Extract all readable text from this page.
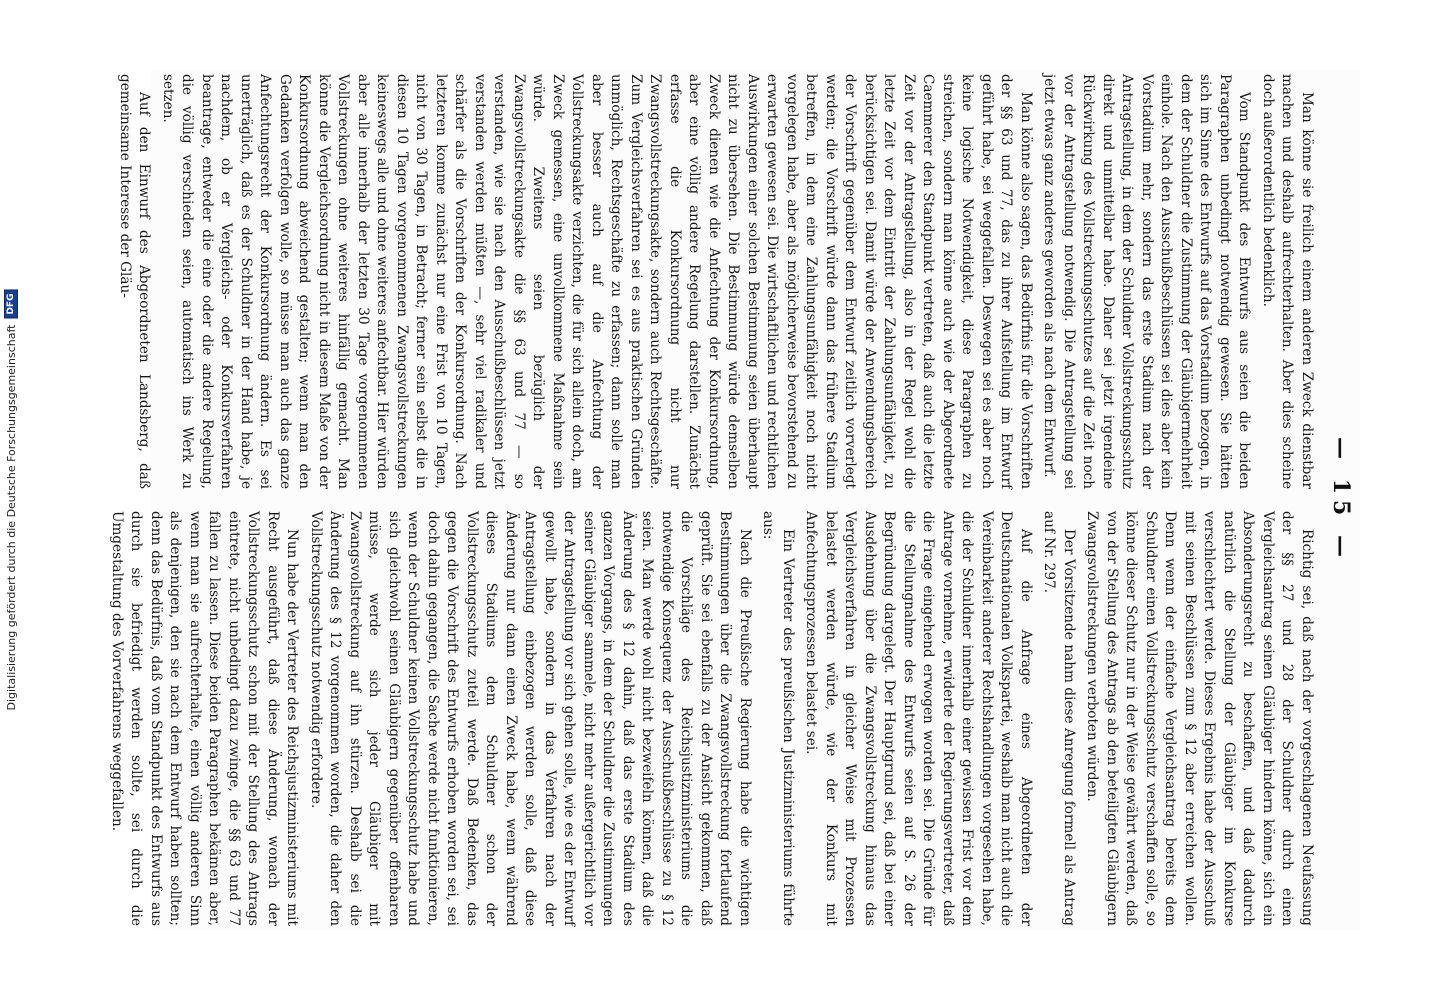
Digitalisierung gefördert durch die Deutsche Forschungsgemeinschaft
DFG
— 15 —

Man könne sie freilich einem anderen Zweck dienstbar machen und deshalb aufrechterhalten. Aber dies scheine doch außerordentlich bedenklich.

Vom Standpunkt des Entwurfs aus seien die beiden Paragraphen unbedingt notwendig gewesen. Sie hätten sich im Sinne des Entwurfs auf das Vorstadium bezogen, in dem der Schuldner die Zustimmung der Gläubigermehrheit einhole. Nach den Ausschußbeschlüssen sei dies aber kein Vorstadium mehr, sondern das erste Stadium nach der Antragstellung, in dem der Schuldner Vollstreckungsschutz direkt und unmittelbar habe. Daher sei jetzt irgendeine Rückwirkung des Vollstreckungsschutzes auf die Zeit noch vor der Antragstellung notwendig. Die Antragstellung sei jetzt etwas ganz anderes geworden als nach dem Entwurf.

Man könne also sagen, das Bedürfnis für die Vorschriften der §§ 63 und 77, das zu ihrer Aufstellung im Entwurf geführt habe, sei weggefallen. Deswegen sei es aber noch keine logische Notwendigkeit, diese Paragraphen zu streichen, sondern man könne auch wie der Abgeordnete Caemmerer den Standpunkt vertreten, daß auch die letzte Zeit vor der Antragstellung, also in der Regel wohl die letzte Zeit vor dem Eintritt der Zahlungsunfähigkeit, zu berücksichtigen sei. Damit würde der Anwendungsbereich der Vorschrift gegenüber dem Entwurf zeitlich vorverlegt werden; die Vorschrift würde dann das frühere Stadium betreffen, in dem eine Zahlungsunfähigkeit noch nicht vorgelegen habe, aber als möglicherweise bevorstehend zu erwarten gewesen sei. Die wirtschaftlichen und rechtlichen Auswirkungen einer solchen Bestimmung seien überhaupt nicht zu übersehen. Die Bestimmung würde demselben Zweck dienen wie die Anfechtung der Konkursordnung, aber eine völlig andere Regelung darstellen. Zunächst erfasse die Konkursordnung nicht nur Zwangsvollstreckungsakte, sondern auch Rechtsgeschäfte. Zum Vergleichsverfahren sei es aus praktischen Gründen unmöglich, Rechtsgeschäfte zu erfassen; dann solle man aber besser auch auf die Anfechtung der Vollstreckungsakte verzichten, die für sich allein doch, am Zweck gemessen, eine unvollkommene Maßnahme sein würde. Zweitens seien bezüglich der Zwangsvollstreckungsakte die §§ 63 und 77 — so verstanden, wie sie nach den Ausschußbeschlüssen jetzt verstanden werden müßten —, sehr viel radikaler und schärfer als die Vorschriften der Konkursordnung. Nach letzteren komme zunächst nur eine Frist von 10 Tagen, nicht von 30 Tagen, in Betracht; ferner sein selbst die in diesen 10 Tagen vorgenommenen Zwangsvollstreckungen keineswegs alle und ohne weiteres anfechtbar. Hier würden aber alle innerhalb der letzten 30 Tage vorgenommenen Vollstreckungen ohne weiteres hinfällig gemacht. Man könne die Vergleichsordnung nicht in diesem Maße von der Konkursordnung abweichend gestalten; wenn man den Gedanken verfolgen wolle, so müsse man auch das ganze Anfechtungsrecht der Konkursordnung ändern. Es sei unerträglich, daß es der Schuldner in der Hand habe, je nachdem, ob er Vergleichs- oder Konkursverfahren beantrage, entweder die eine oder die andere Regelung, die völlig verschieden seien, automatisch ins Werk zu setzen.

Auf den Einwurf des Abgeordneten Landsberg, daß gemeinsame Interesse der Gläu-

Richtig sei, daß nach der vorgeschlagenen Neufassung der §§ 27 und 28 der Schuldner durch einen Vergleichsantrag seinen Gläubiger hindern könne, sich ein Absonderungsrecht zu beschaffen, und daß dadurch natürlich die Stellung der Gläubiger im Konkurse verschlechtert werde. Dieses Ergebnis habe der Ausschuß mit seinen Beschlüssen zum § 12 aber erreichen wollen. Denn wenn der einfache Vergleichsantrag bereits dem Schuldner einen Vollstreckungsschutz verschaffen solle, so könne dieser Schutz nur in der Weise gewährt werden, daß von der Stellung des Antrags ab den beteiligten Gläubigern Zwangsvollstreckungen verboten würden.

Der Vorsitzende nahm diese Anregung formell als Antrag auf Nr. 297.

Auf die Anfrage eines Abgeordneten der Deutschnationalen Volkspartei, weshalb man nicht auch die Vereinbarkeit anderer Rechtshandlungen vorgesehen habe, die der Schuldner innerhalb einer gewissen Frist vor dem Antrage vornehme, erwiderte der Regierungsvertreter, daß die Frage eingehend erwogen worden sei. Die Gründe für die Stellungnahme des Entwurfs seien auf S. 26 der Begründung dargelegt. Der Hauptgrund sei, daß bei einer Ausdehnung über die Zwangsvollstreckung hinaus das Vergleichsverfahren in gleicher Weise mit Prozessen belastet werden würde, wie der Konkurs mit Anfechtungsprozessen belastet sei.

Ein Vertreter des preußischen Justizministeriums führte aus:

Nach die Preußische Regierung habe die wichtigen Bestimmungen über die Zwangsvollstreckung fortlaufend geprüft. Sie sei ebenfalls zu der Ansicht gekommen, daß die Vorschläge des Reichsjustizministeriums die notwendige Konsequenz der Ausschußbeschlüsse zu § 12 seien. Man werde wohl nicht bezweifeln können, daß die Änderung des § 12 dahin, daß das erste Stadium des ganzen Vorgangs, in dem der Schuldner die Zustimmungen seiner Gläubiger sammele, nicht mehr außergerichtlich vor der Antragstellung vor sich gehen solle, wie es der Entwurf gewollt habe, sondern in das Verfahren nach der Antragstellung einbezogen werden solle, daß diese Änderung nur dann einen Zweck habe, wenn während dieses Stadiums dem Schuldner schon der Vollstreckungsschutz zuteil werde. Daß Bedenken, das gegen die Vorschrift des Entwurfs erhoben worden sei, sei doch dahin gegangen, die Sache werde nicht funktionieren, wenn der Schuldner keinen Vollstreckungsschutz habe und sich gleichwohl seinen Gläubigern gegenüber offenbaren müsse, werde sich jeder Gläubiger mit Zwangsvollstreckung auf ihn stürzen. Deshalb sei die Änderung des § 12 vorgenommen worden, die daher den Vollstreckungsschutz notwendig erfordere.

Nun habe der Vertreter des Reichsjustizministeriums mit Recht ausgeführt, daß diese Änderung, wonach der Vollstreckungsschutz schon mit der Stellung des Antrags eintrete, nicht unbedingt dazu zwinge, die §§ 63 und 77 fallen zu lassen. Diese beiden Paragraphen bekämen aber, wenn man sie aufrechterhalte, einen völlig anderen Sinn als denjenigen, den sie nach dem Entwurf haben sollten; denn das Bedürfnis, daß vom Standpunkt des Entwurfs aus durch sie befriedigt werden sollte, sei durch die Umgestaltung des Vorverfahrens weggefallen.
